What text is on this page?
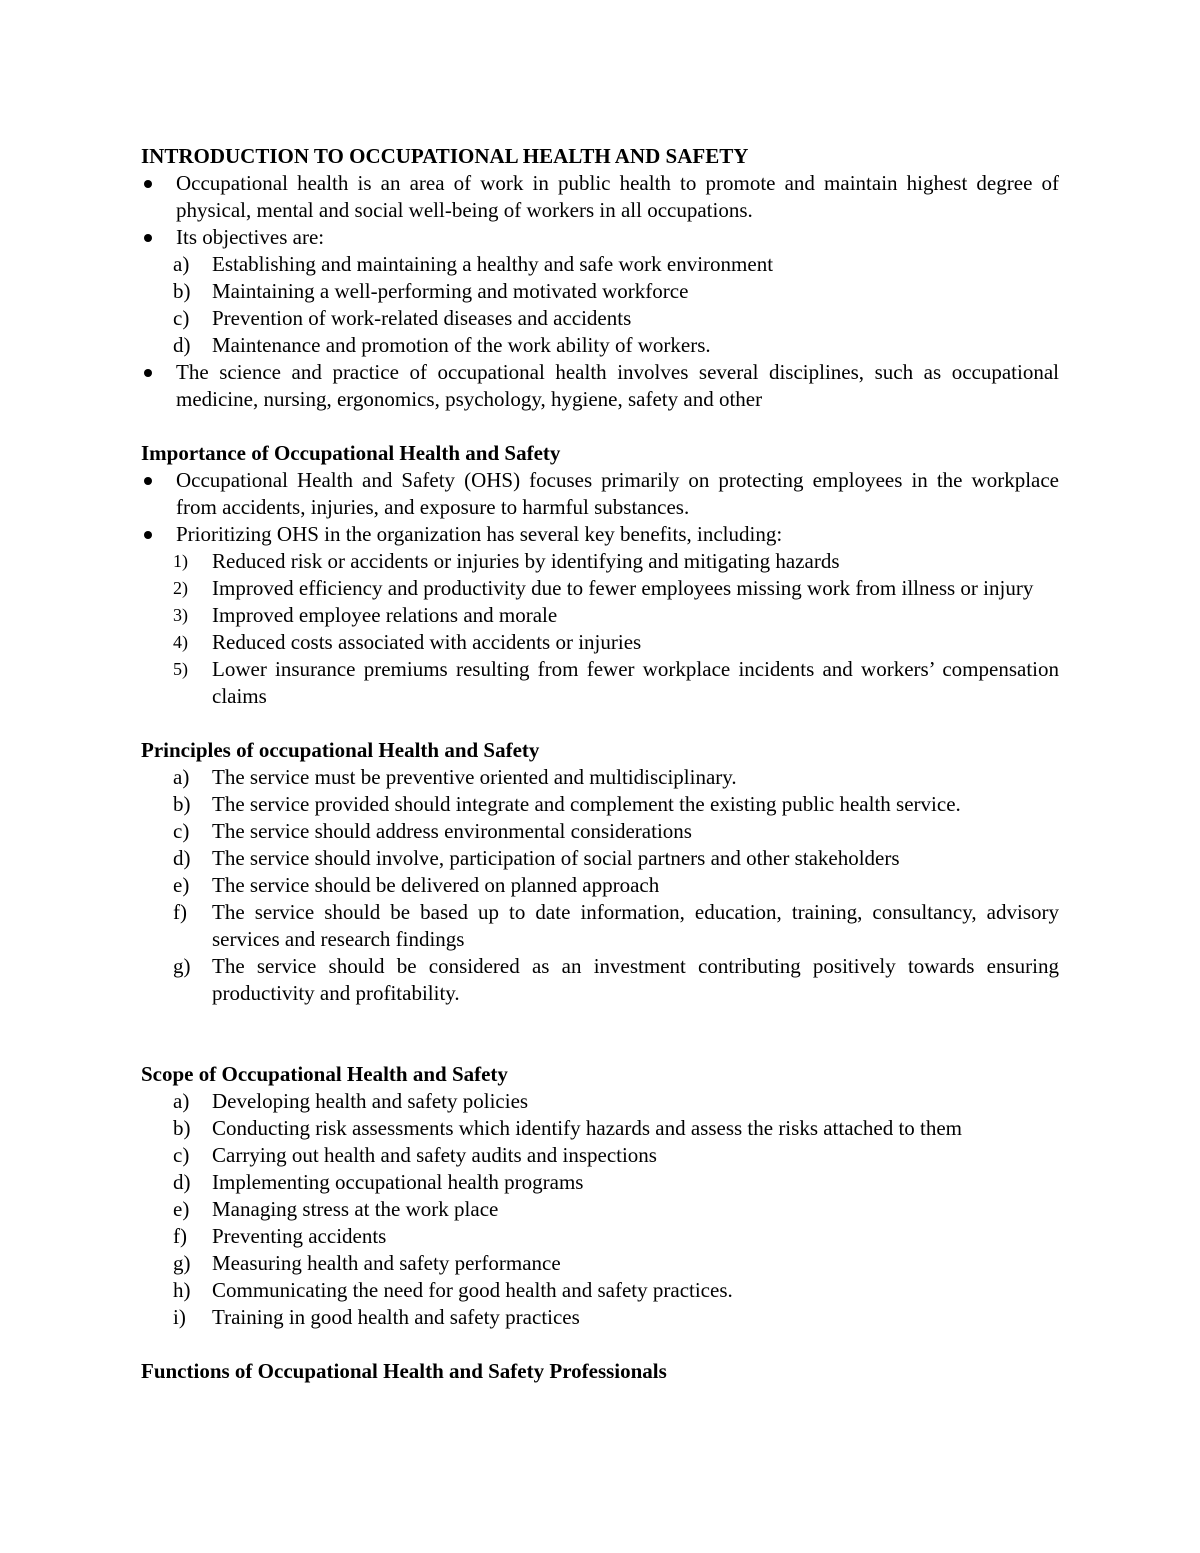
INTRODUCTION TO OCCUPATIONAL HEALTH AND SAFETY
Occupational health is an area of work in public health to promote and maintain highest degree of physical, mental and social well-being of workers in all occupations.
Its objectives are:
a) Establishing and maintaining a healthy and safe work environment
b) Maintaining a well-performing and motivated workforce
c) Prevention of work-related diseases and accidents
d) Maintenance and promotion of the work ability of workers.
The science and practice of occupational health involves several disciplines, such as occupational medicine, nursing, ergonomics, psychology, hygiene, safety and other
Importance of Occupational Health and Safety
Occupational Health and Safety (OHS) focuses primarily on protecting employees in the workplace from accidents, injuries, and exposure to harmful substances.
Prioritizing OHS in the organization has several key benefits, including:
1) Reduced risk or accidents or injuries by identifying and mitigating hazards
2) Improved efficiency and productivity due to fewer employees missing work from illness or injury
3) Improved employee relations and morale
4) Reduced costs associated with accidents or injuries
5) Lower insurance premiums resulting from fewer workplace incidents and workers’ compensation claims
Principles of occupational Health and Safety
a) The service must be preventive oriented and multidisciplinary.
b) The service provided should integrate and complement the existing public health service.
c) The service should address environmental considerations
d) The service should involve, participation of social partners and other stakeholders
e) The service should be delivered on planned approach
f) The service should be based up to date information, education, training, consultancy, advisory services and research findings
g) The service should be considered as an investment contributing positively towards ensuring productivity and profitability.
Scope of Occupational Health and Safety
a) Developing health and safety policies
b) Conducting risk assessments which identify hazards and assess the risks attached to them
c) Carrying out health and safety audits and inspections
d) Implementing occupational health programs
e) Managing stress at the work place
f) Preventing accidents
g) Measuring health and safety performance
h) Communicating the need for good health and safety practices.
i) Training in good health and safety practices
Functions of Occupational Health and Safety Professionals
